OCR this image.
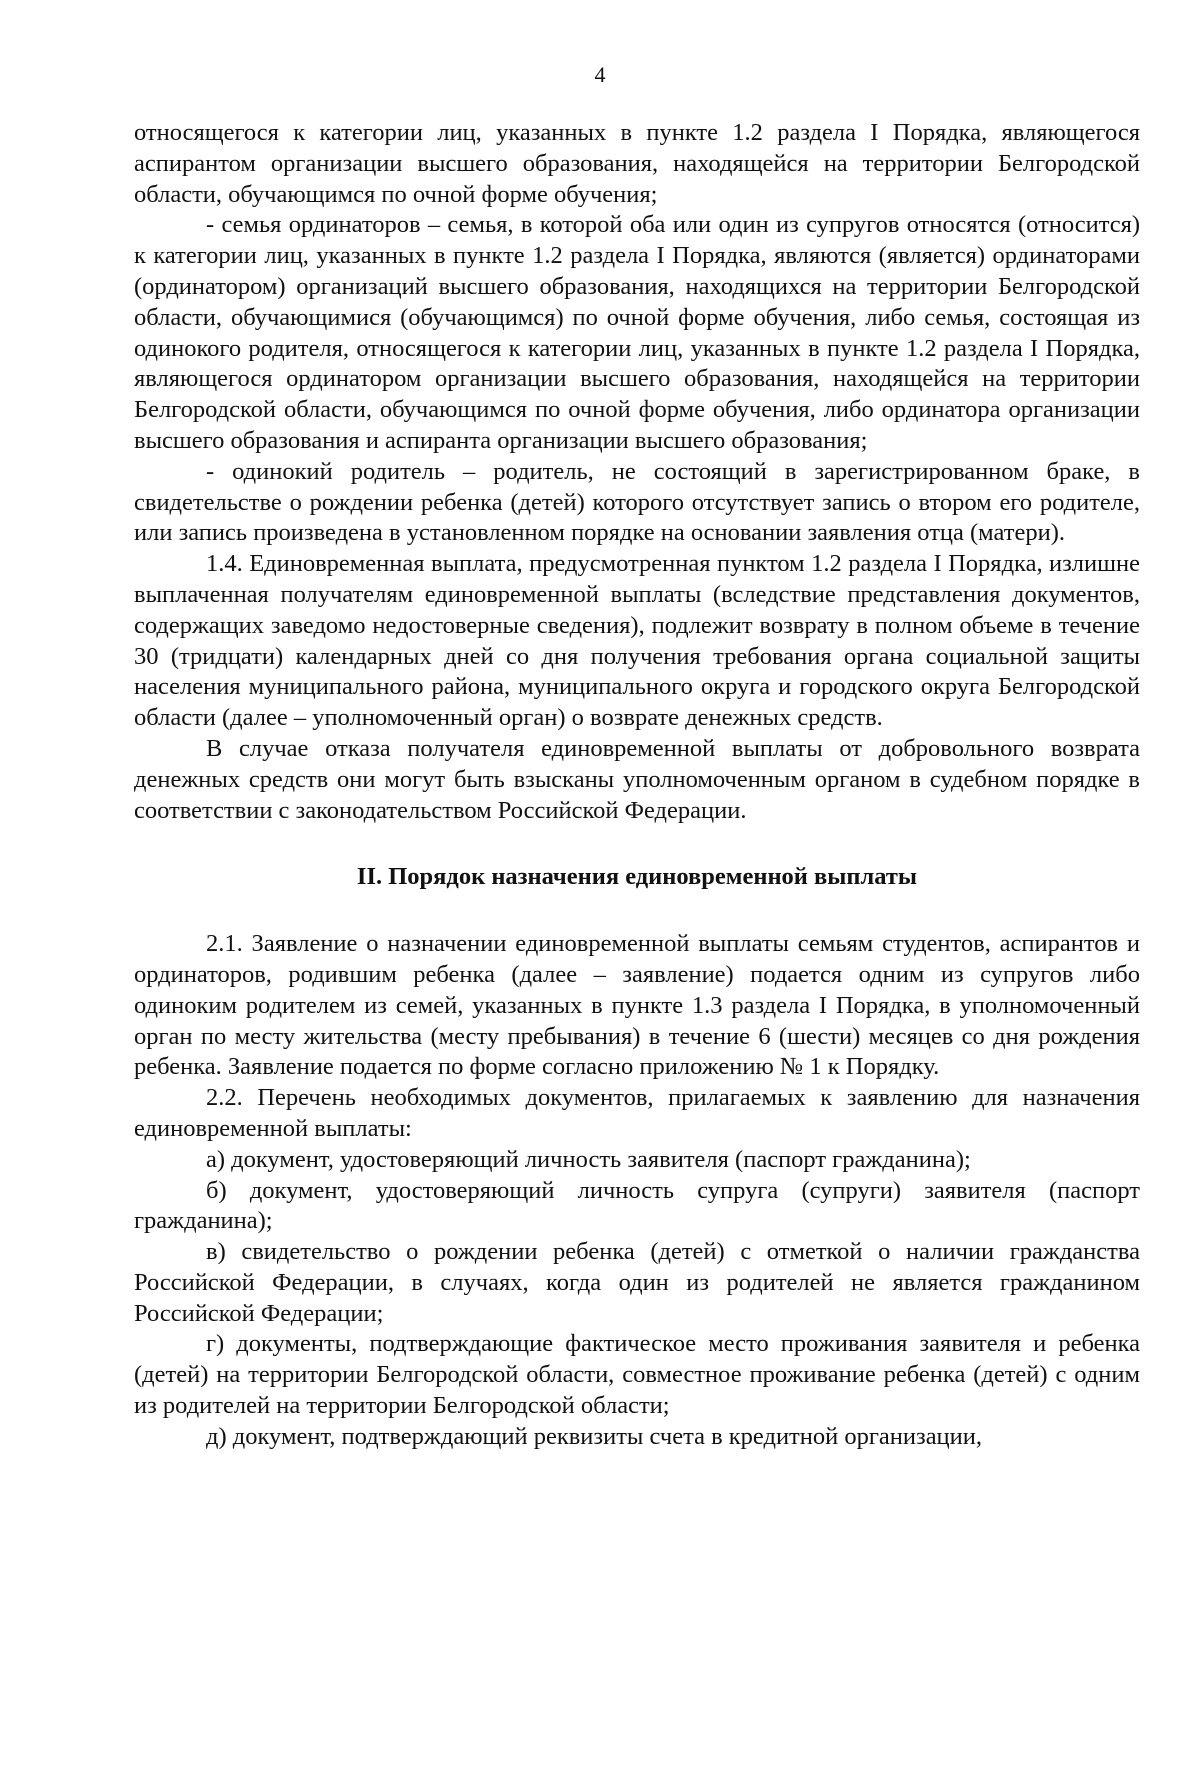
4

относящегося к категории лиц, указанных в пункте 1.2 раздела I Порядка, являющегося аспирантом организации высшего образования, находящейся на территории Белгородской области, обучающимся по очной форме обучения;

- семья ординаторов – семья, в которой оба или один из супругов относятся (относится) к категории лиц, указанных в пункте 1.2 раздела I Порядка, являются (является) ординаторами (ординатором) организаций высшего образования, находящихся на территории Белгородской области, обучающимися (обучающимся) по очной форме обучения, либо семья, состоящая из одинокого родителя, относящегося к категории лиц, указанных в пункте 1.2 раздела I Порядка, являющегося ординатором организации высшего образования, находящейся на территории Белгородской области, обучающимся по очной форме обучения, либо ординатора организации высшего образования и аспиранта организации высшего образования;

- одинокий родитель – родитель, не состоящий в зарегистрированном браке, в свидетельстве о рождении ребенка (детей) которого отсутствует запись о втором его родителе, или запись произведена в установленном порядке на основании заявления отца (матери).

1.4. Единовременная выплата, предусмотренная пунктом 1.2 раздела I Порядка, излишне выплаченная получателям единовременной выплаты (вследствие представления документов, содержащих заведомо недостоверные сведения), подлежит возврату в полном объеме в течение 30 (тридцати) календарных дней со дня получения требования органа социальной защиты населения муниципального района, муниципального округа и городского округа Белгородской области (далее – уполномоченный орган) о возврате денежных средств.

В случае отказа получателя единовременной выплаты от добровольного возврата денежных средств они могут быть взысканы уполномоченным органом в судебном порядке в соответствии с законодательством Российской Федерации.

II. Порядок назначения единовременной выплаты

2.1. Заявление о назначении единовременной выплаты семьям студентов, аспирантов и ординаторов, родившим ребенка (далее – заявление) подается одним из супругов либо одиноким родителем из семей, указанных в пункте 1.3 раздела I Порядка, в уполномоченный орган по месту жительства (месту пребывания) в течение 6 (шести) месяцев со дня рождения ребенка. Заявление подается по форме согласно приложению № 1 к Порядку.

2.2. Перечень необходимых документов, прилагаемых к заявлению для назначения единовременной выплаты:

а) документ, удостоверяющий личность заявителя (паспорт гражданина);

б) документ, удостоверяющий личность супруга (супруги) заявителя (паспорт гражданина);

в) свидетельство о рождении ребенка (детей) с отметкой о наличии гражданства Российской Федерации, в случаях, когда один из родителей не является гражданином Российской Федерации;

г) документы, подтверждающие фактическое место проживания заявителя и ребенка (детей) на территории Белгородской области, совместное проживание ребенка (детей) с одним из родителей на территории Белгородской области;

д) документ, подтверждающий реквизиты счета в кредитной организации,
